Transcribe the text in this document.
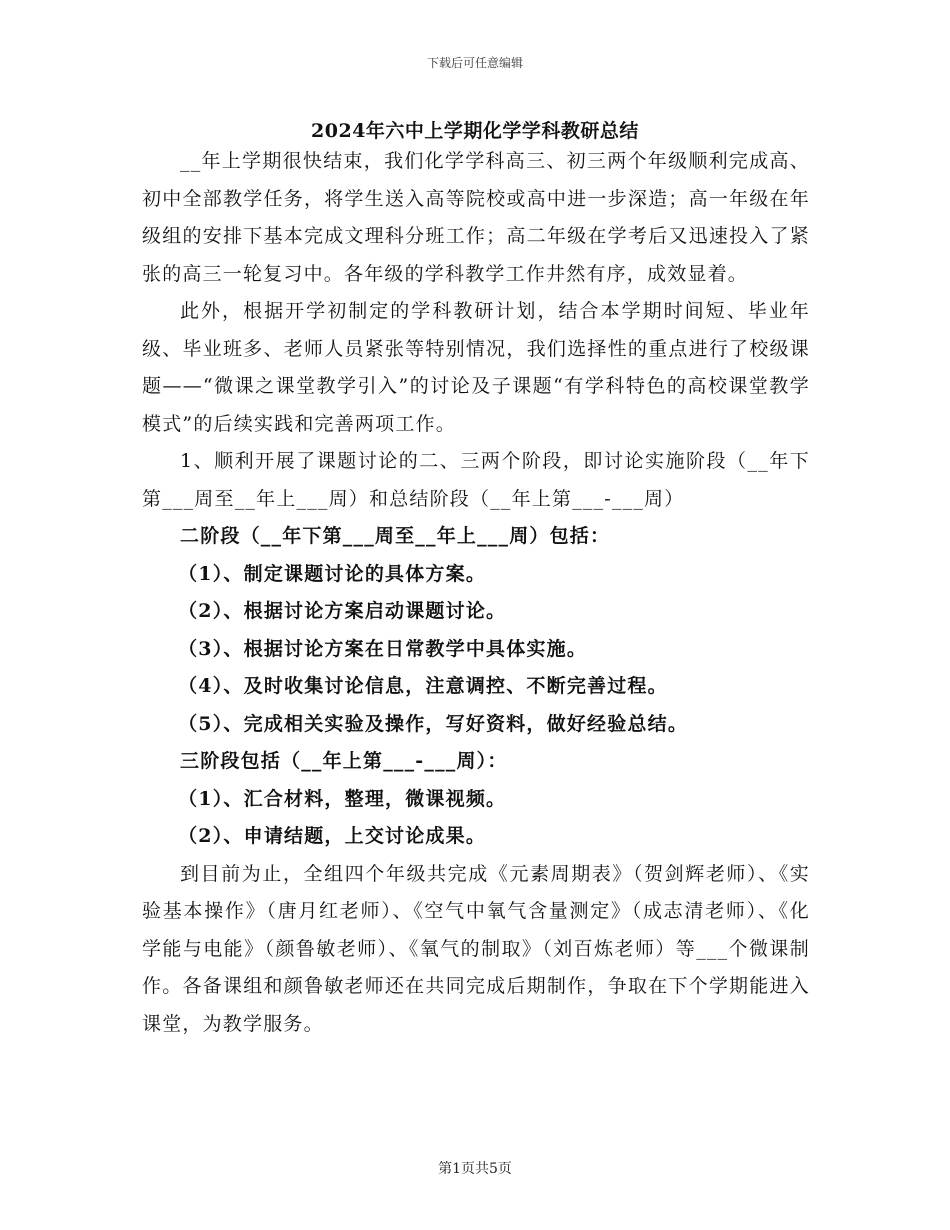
下载后可任意编辑
2024年六中上学期化学学科教研总结

__年上学期很快结束，我们化学学科高三、初三两个年级顺利完成高、初中全部教学任务，将学生送入高等院校或高中进一步深造；高一年级在年级组的安排下基本完成文理科分班工作；高二年级在学考后又迅速投入了紧张的高三一轮复习中。各年级的学科教学工作井然有序，成效显着。

此外，根据开学初制定的学科教研计划，结合本学期时间短、毕业年级、毕业班多、老师人员紧张等特别情况，我们选择性的重点进行了校级课题——“微课之课堂教学引入”的讨论及子课题“有学科特色的高校课堂教学模式”的后续实践和完善两项工作。

1、顺利开展了课题讨论的二、三两个阶段，即讨论实施阶段（__年下第___周至__年上___周）和总结阶段（__年上第___-___周）

二阶段（__年下第___周至__年上___周）包括：

（1）、制定课题讨论的具体方案。

（2）、根据讨论方案启动课题讨论。

（3）、根据讨论方案在日常教学中具体实施。

（4）、及时收集讨论信息，注意调控、不断完善过程。

（5）、完成相关实验及操作，写好资料，做好经验总结。

三阶段包括（__年上第___-___周）：

（1）、汇合材料，整理，微课视频。

（2）、申请结题，上交讨论成果。

到目前为止，全组四个年级共完成《元素周期表》（贺剑辉老师）、《实验基本操作》（唐月红老师）、《空气中氧气含量测定》（成志清老师）、《化学能与电能》（颜鲁敏老师）、《氧气的制取》（刘百炼老师）等___个微课制作。各备课组和颜鲁敏老师还在共同完成后期制作，争取在下个学期能进入课堂，为教学服务。

第1页共5页
